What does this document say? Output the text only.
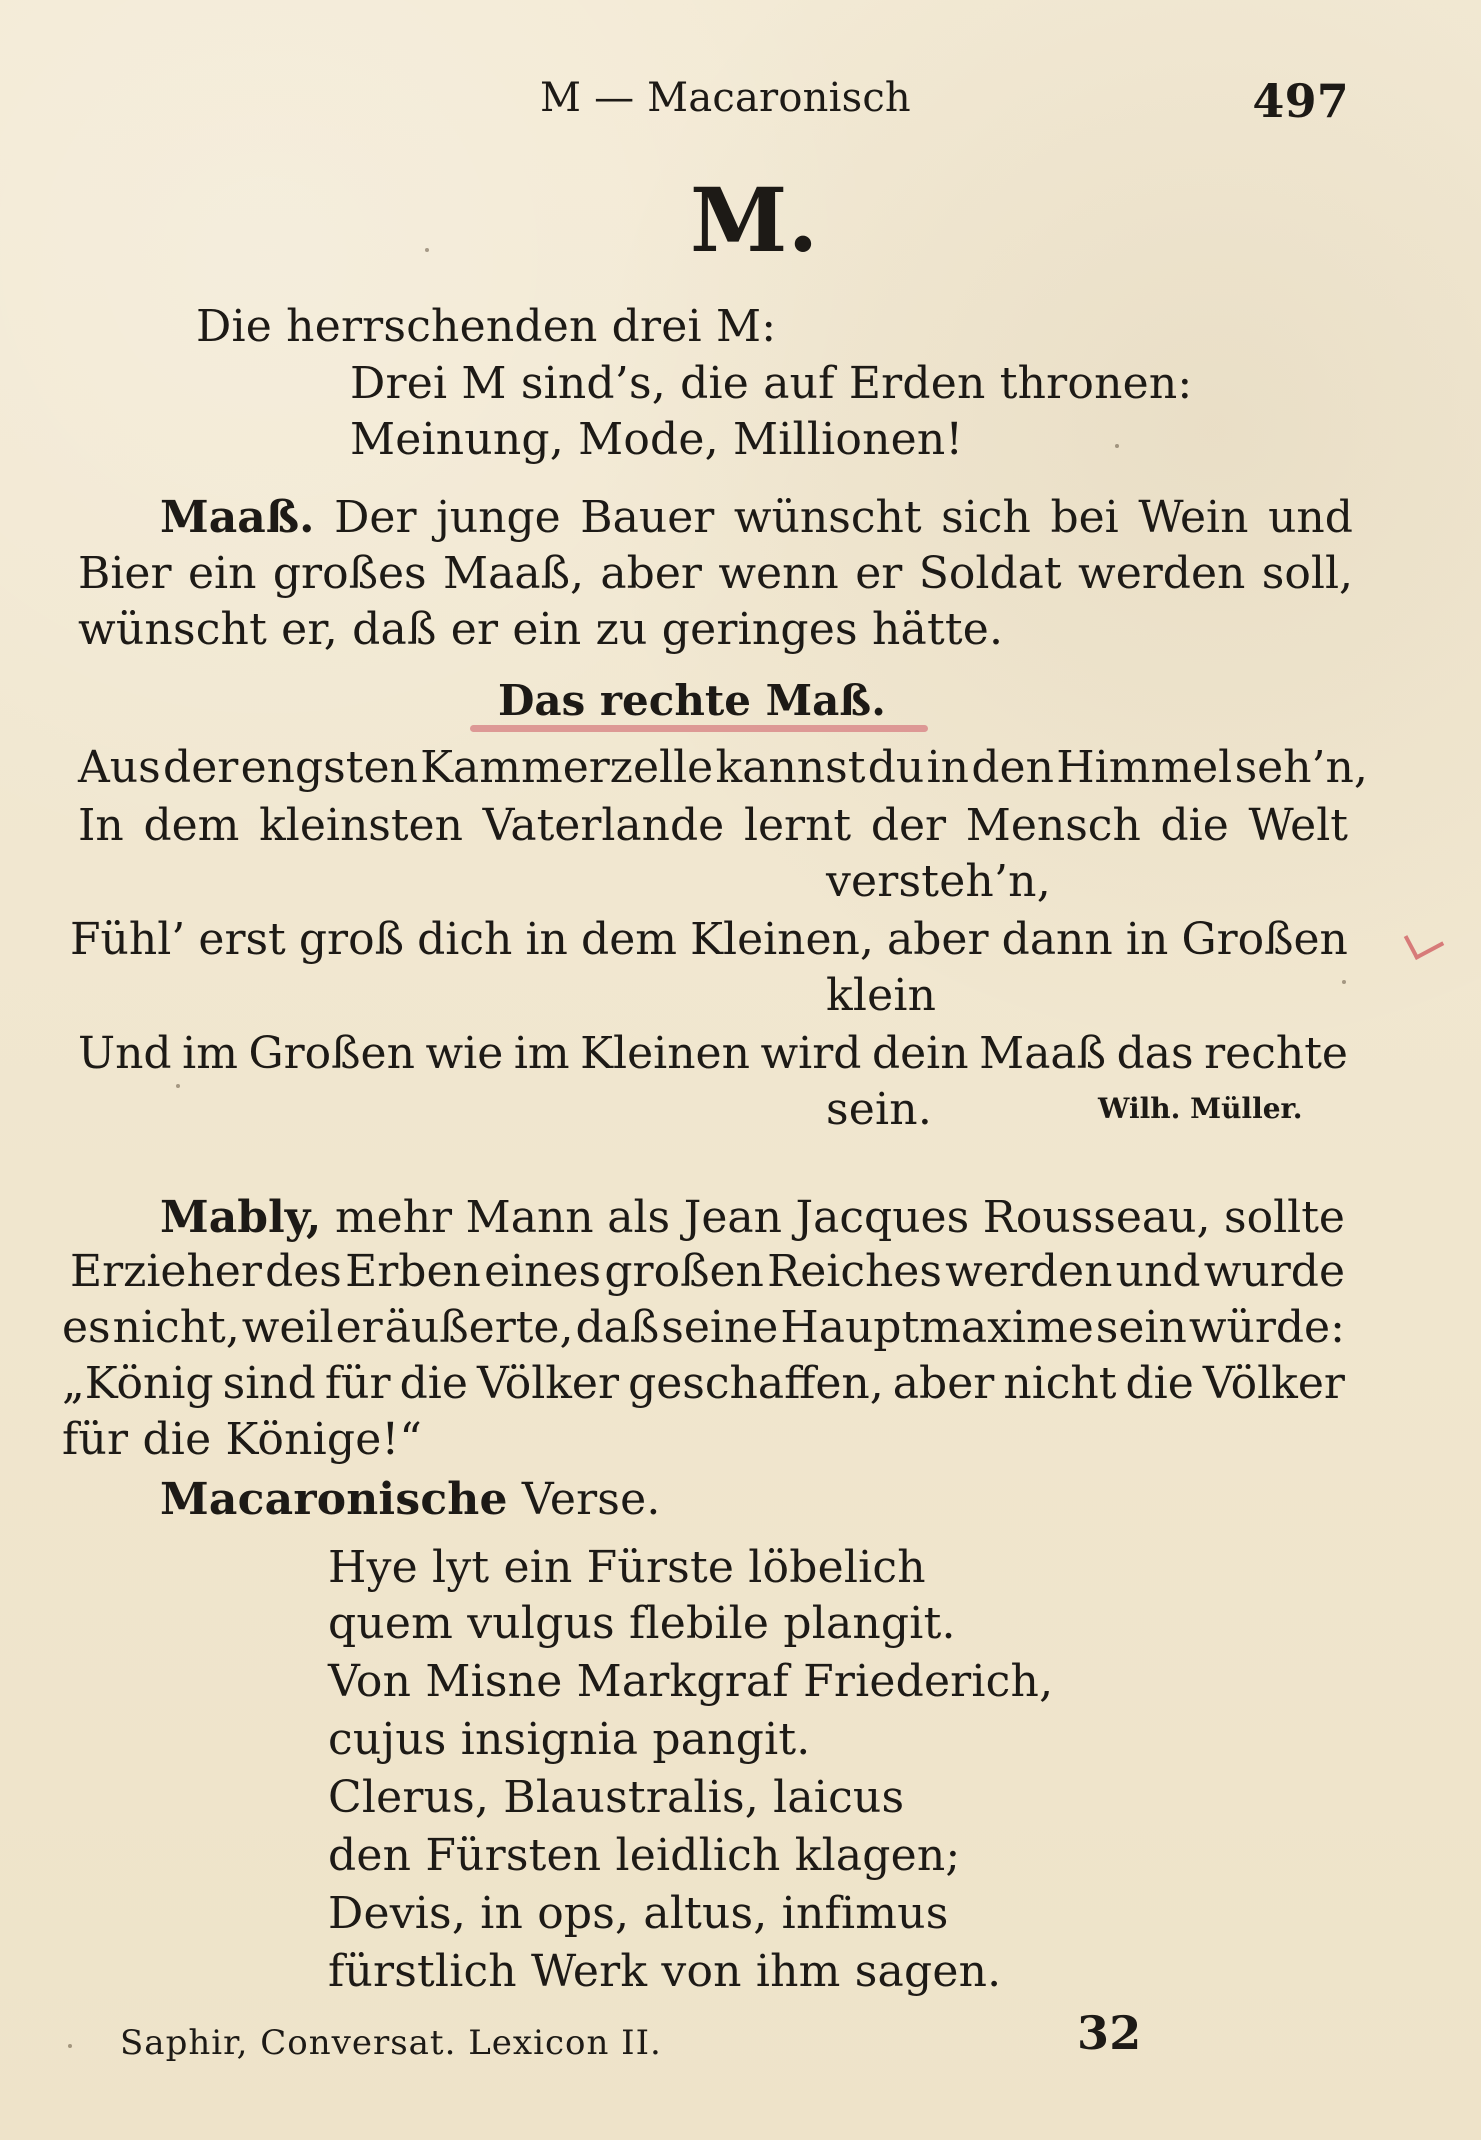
M — Macaronisch	497
M.
Die herrschenden drei M:
Drei M sind’s, die auf Erden thronen:
Meinung, Mode, Millionen!
Maaß. Der junge Bauer wünscht sich bei Wein und
Bier ein großes Maaß, aber wenn er Soldat werden soll,
wünscht er, daß er ein zu geringes hätte.
Das rechte Maß.
Aus der engsten Kammerzelle kannst du in den Himmel seh’n,
In dem kleinsten Vaterlande lernt der Mensch die Welt
versteh’n,
Fühl’ erst groß dich in dem Kleinen, aber dann in Großen
klein
Und im Großen wie im Kleinen wird dein Maaß das rechte
sein.	Wilh. Müller.
Mably, mehr Mann als Jean Jacques Rousseau, sollte
Erzieher des Erben eines großen Reiches werden und wurde
es nicht, weil er äußerte, daß seine Hauptmaxime sein würde:
„König sind für die Völker geschaffen, aber nicht die Völker
für die Könige!“
Macaronische Verse.
Hye lyt ein Fürste löbelich
quem vulgus flebile plangit.
Von Misne Markgraf Friederich,
cujus insignia pangit.
Clerus, Blaustralis, laicus
den Fürsten leidlich klagen;
Devis, in ops, altus, infimus
fürstlich Werk von ihm sagen.
Saphir, Conversat. Lexicon II.	32
